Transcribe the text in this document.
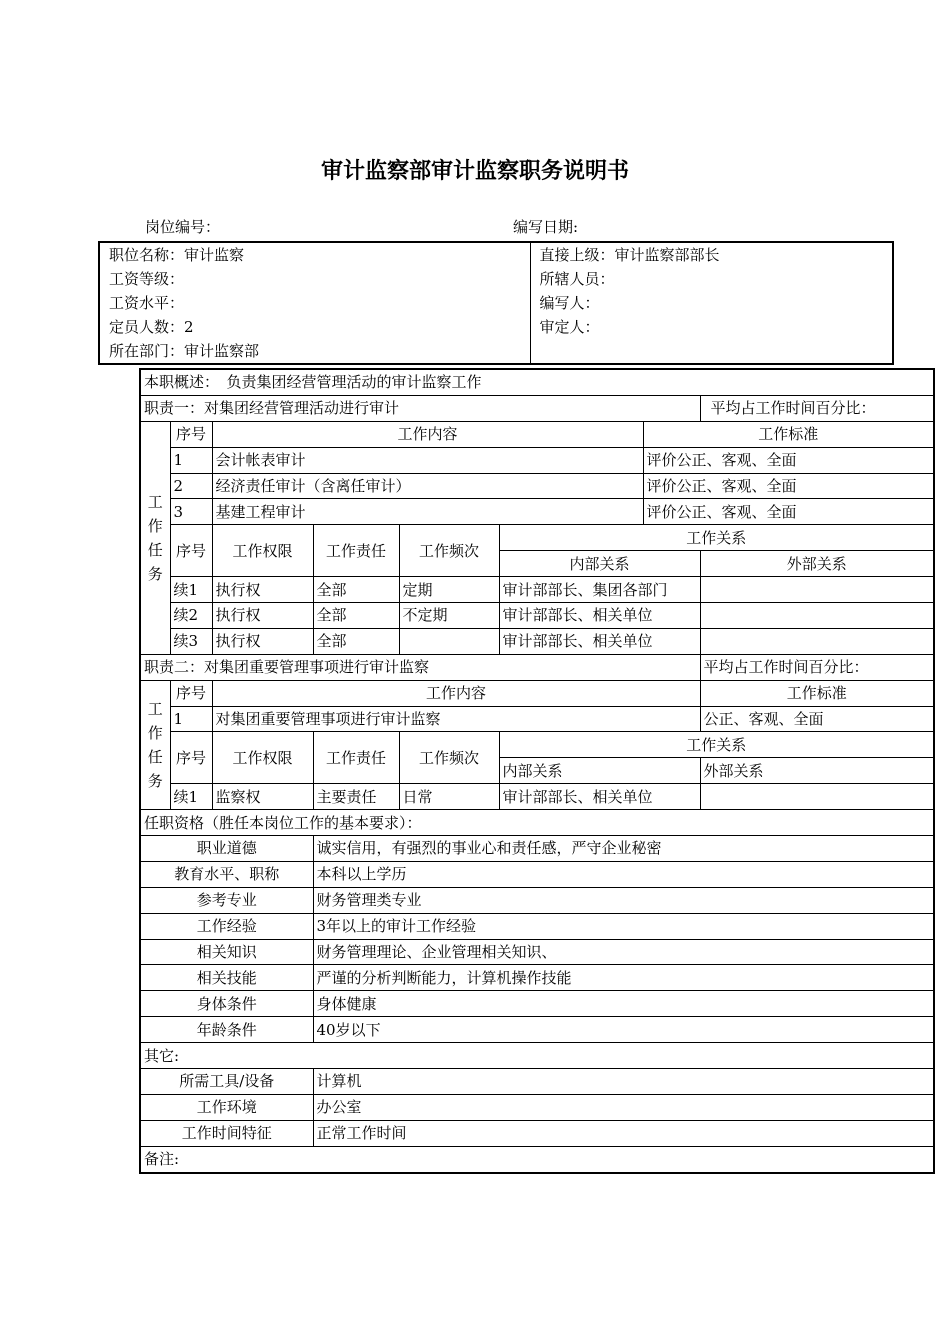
审计监察部审计监察职务说明书
岗位编号：	编写日期:
职位名称：审计监察	直接上级：审计监察部部长
工资等级：	所辖人员：
工资水平：	编写人：
定员人数：2	审定人：
所在部门：审计监察部	
本职概述：　负责集团经营管理活动的审计监察工作							
职责一：对集团经营管理活动进行审计							平均占工作时间百分比：
工作任务	序号	工作内容				工作标准	
	1	会计帐表审计				评价公正、客观、全面	
	2	经济责任审计（含离任审计）				评价公正、客观、全面	
	3	基建工程审计				评价公正、客观、全面	
	序号	工作权限	工作责任	工作频次	工作关系		
					内部关系		外部关系
	续1	执行权	全部	定期	审计部部长、集团各部门		
	续2	执行权	全部	不定期	审计部部长、相关单位		
	续3	执行权	全部		审计部部长、相关单位		
职责二：对集团重要管理事项进行审计监察							平均占工作时间百分比：
工作任务	序号	工作内容					工作标准
	1	对集团重要管理事项进行审计监察					公正、客观、全面
	序号	工作权限	工作责任	工作频次	工作关系		
					内部关系		外部关系
	续1	监察权	主要责任	日常	审计部部长、相关单位		
任职资格（胜任本岗位工作的基本要求）：							
职业道德			诚实信用，有强烈的事业心和责任感，严守企业秘密				
教育水平、职称			本科以上学历				
参考专业			财务管理类专业				
工作经验			3年以上的审计工作经验				
相关知识			财务管理理论、企业管理相关知识、				
相关技能			严谨的分析判断能力，计算机操作技能				
身体条件			身体健康				
年龄条件			40岁以下				
其它:							
所需工具/设备			计算机				
工作环境			办公室				
工作时间特征			正常工作时间				
备注:							
